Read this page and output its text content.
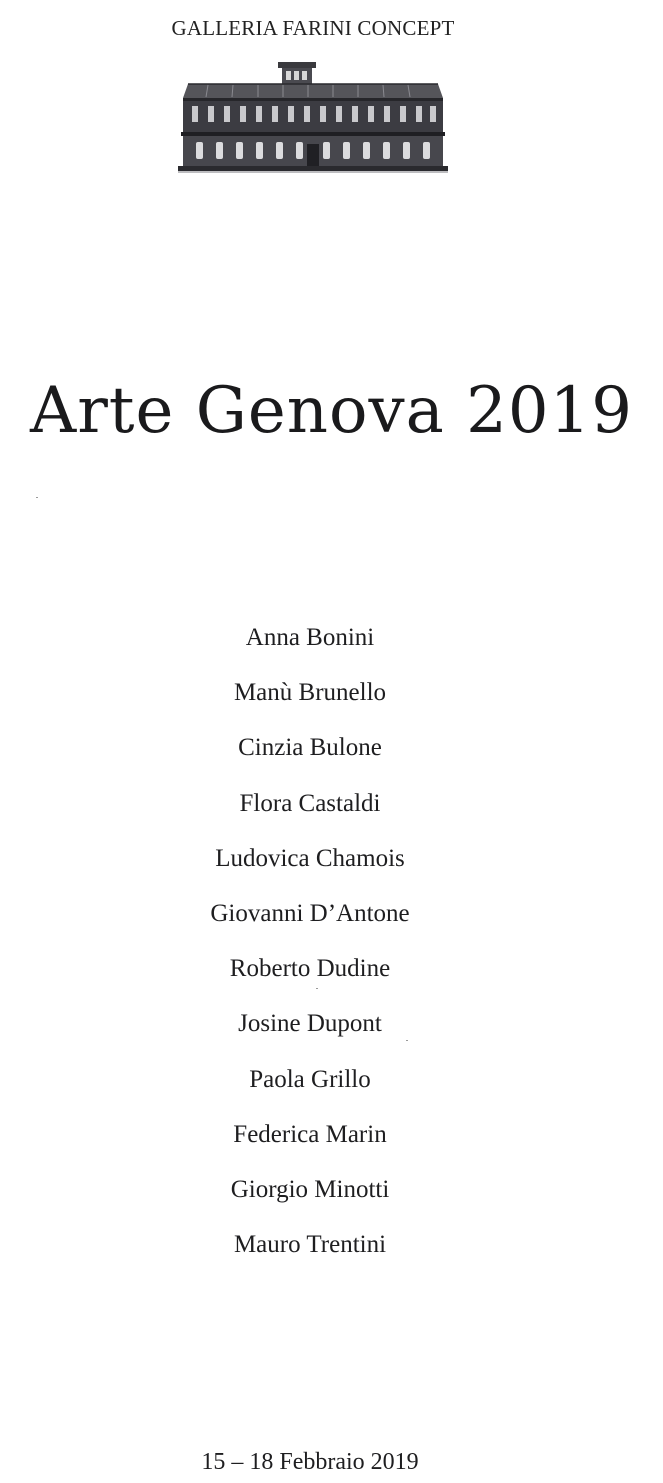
GALLERIA FARINI CONCEPT
Arte Genova 2019
Anna Bonini
Manù Brunello
Cinzia Bulone
Flora Castaldi
Ludovica Chamois
Giovanni D’Antone
Roberto Dudine
Josine Dupont
Paola Grillo
Federica Marin
Giorgio Minotti
Mauro Trentini
15 – 18 Febbraio 2019
